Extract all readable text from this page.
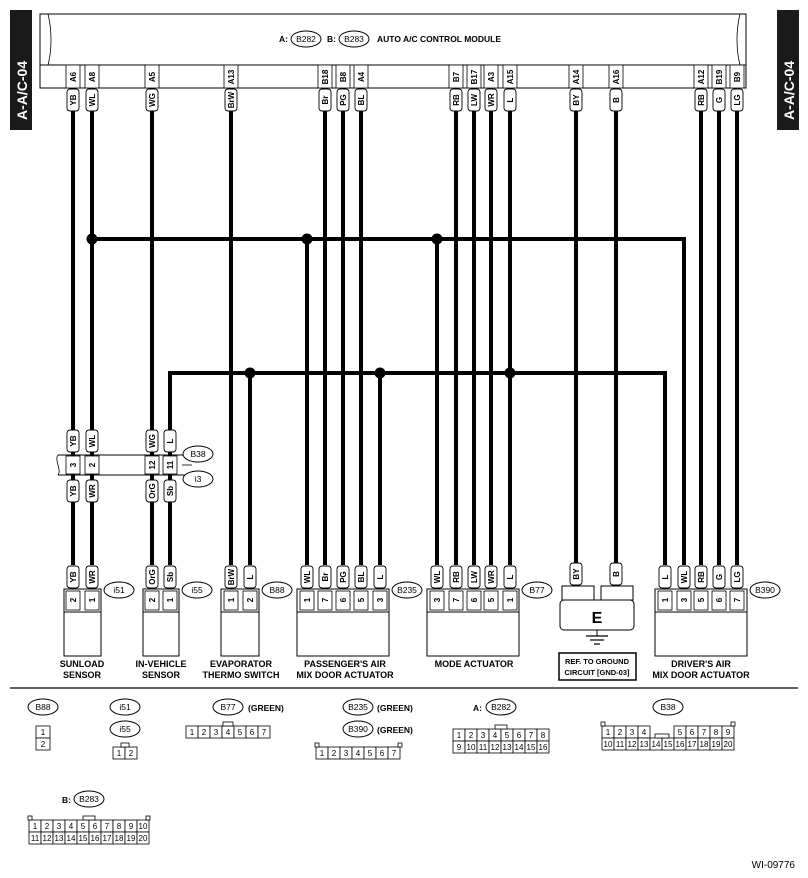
A-A/C-04	A-A/C-04
A: B282 B: B283 AUTO A/C CONTROL MODULE
A6 A8	A5	A13	B18 B8 A4	B7 B17 A3 A15	A14	A16	A12 B19 B9
YB WL	WG	BrW	Br PG BL	RB LW WR L	BY	B	RB G LG
B38
i3
YB WL	WG L
3 2	12 11
YB WR	OrG Sb
YB WR
2 1
i51
SUNLOAD
SENSOR
OrG Sb
2 1
i55
IN-VEHICLE
SENSOR
BrW L
1 2
B88
EVAPORATOR
THERMO SWITCH
WL Br PG BL L
1 7 6 5 3
B235
PASSENGER'S AIR
MIX DOOR ACTUATOR
WL RB LW WR L
3 7 6 5 1
B77
MODE ACTUATOR
L WL RB G LG
1 3 5 6 7
B390
DRIVER'S AIR
MIX DOOR ACTUATOR
BY	B
E
REF. TO GROUND
CIRCUIT [GND-03]
B88
1
2
i51
i55
1 2
B77 (GREEN)
1 2 3 4 5 6 7
B235 (GREEN)
B390 (GREEN)
1 2 3 4 5 6 7
A: B282
1 2 3 4 5 6 7 8
9 10 11 12 13 14 15 16
B38
1 2 3 4	5 6 7 8 9
10 11 12 13 14 15 16 17 18 19 20
B: B283
1 2 3 4 5 6 7 8 9 10
11 12 13 14 15 16 17 18 19 20
WI-09776
